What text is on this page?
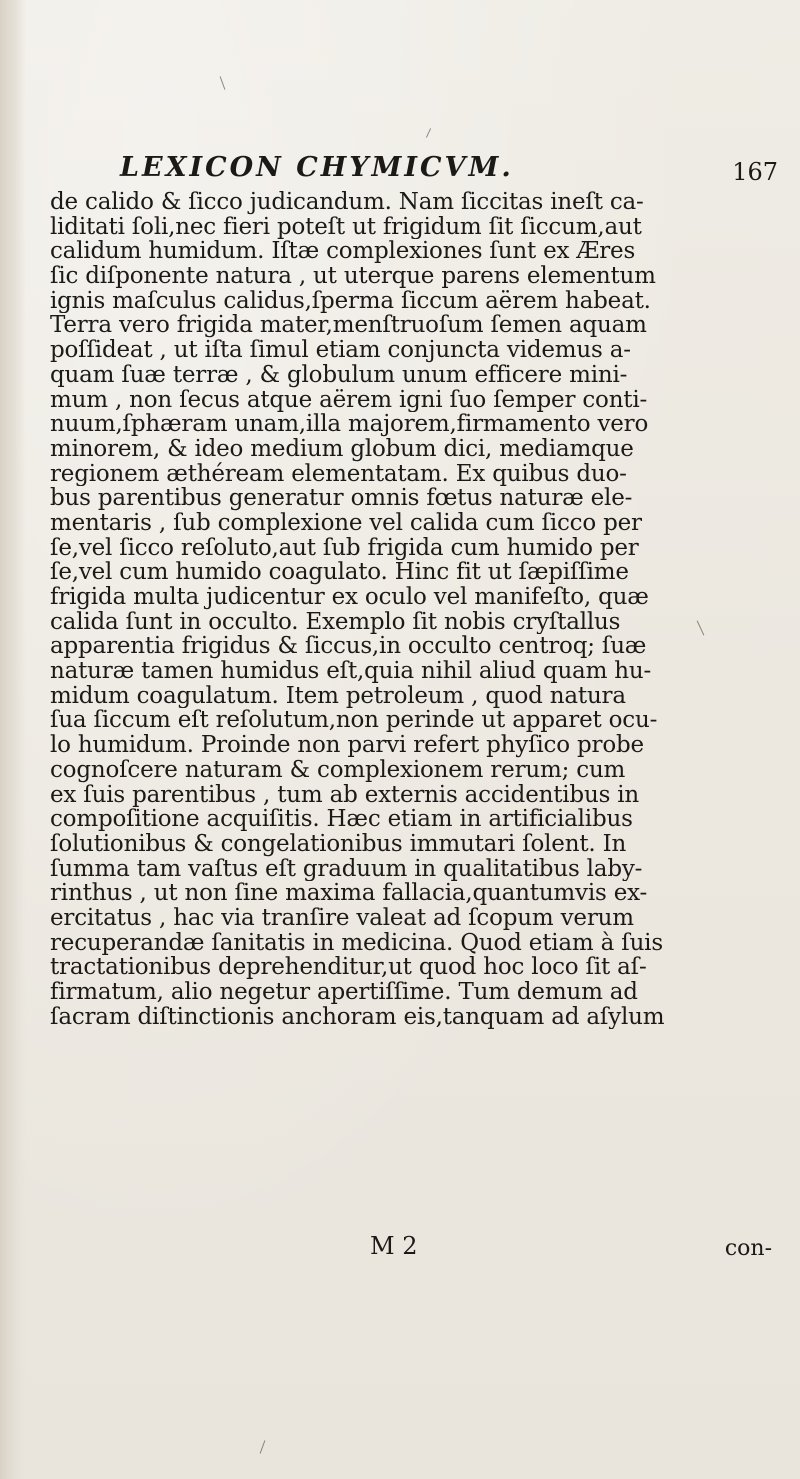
LEXICON CHYMICVM.	167
de calido & ſicco judicandum. Nam ſiccitas ineſt ca-
liditati ſoli,nec fieri poteſt ut frigidum ſit ſiccum,aut
calidum humidum. Iſtæ complexiones ſunt ex Æres
ſic diſponente natura , ut uterque parens elementum
ignis maſculus calidus,ſperma ſiccum aërem habeat.
Terra vero frigida mater,menſtruoſum ſemen aquam
poſſideat , ut iſta ſimul etiam conjuncta videmus a-
quam ſuæ terræ , & globulum unum efficere mini-
mum , non ſecus atque aërem igni ſuo ſemper conti-
nuum,ſphæram unam,illa majorem,firmamento vero
minorem, & ideo medium globum dici, mediamque
regionem æthéream elementatam. Ex quibus duo-
bus parentibus generatur omnis fœtus naturæ ele-
mentaris , ſub complexione vel calida cum ſicco per
ſe,vel ſicco reſoluto,aut ſub frigida cum humido per
ſe,vel cum humido coagulato. Hinc fit ut ſæpiſſime
frigida multa judicentur ex oculo vel manifeſto, quæ
calida ſunt in occulto. Exemplo ſit nobis cryſtallus
apparentia frigidus & ſiccus,in occulto centroq; ſuæ
naturæ tamen humidus eſt,quia nihil aliud quam hu-
midum coagulatum. Item petroleum , quod natura
ſua ſiccum eſt reſolutum,non perinde ut apparet ocu-
lo humidum. Proinde non parvi refert phyſico probe
cognoſcere naturam & complexionem rerum; cum
ex ſuis parentibus , tum ab externis accidentibus in
compoſitione acquiſitis. Hæc etiam in artificialibus
ſolutionibus & congelationibus immutari ſolent. In
ſumma tam vaſtus eſt graduum in qualitatibus laby-
rinthus , ut non ſine maxima fallacia,quantumvis ex-
ercitatus , hac via tranſire valeat ad ſcopum verum
recuperandæ ſanitatis in medicina. Quod etiam à ſuis
tractationibus deprehenditur,ut quod hoc loco ſit aſ-
firmatum, alio negetur apertiſſime. Tum demum ad
ſacram diſtinctionis anchoram eis,tanquam ad aſylum
M 2	con-
